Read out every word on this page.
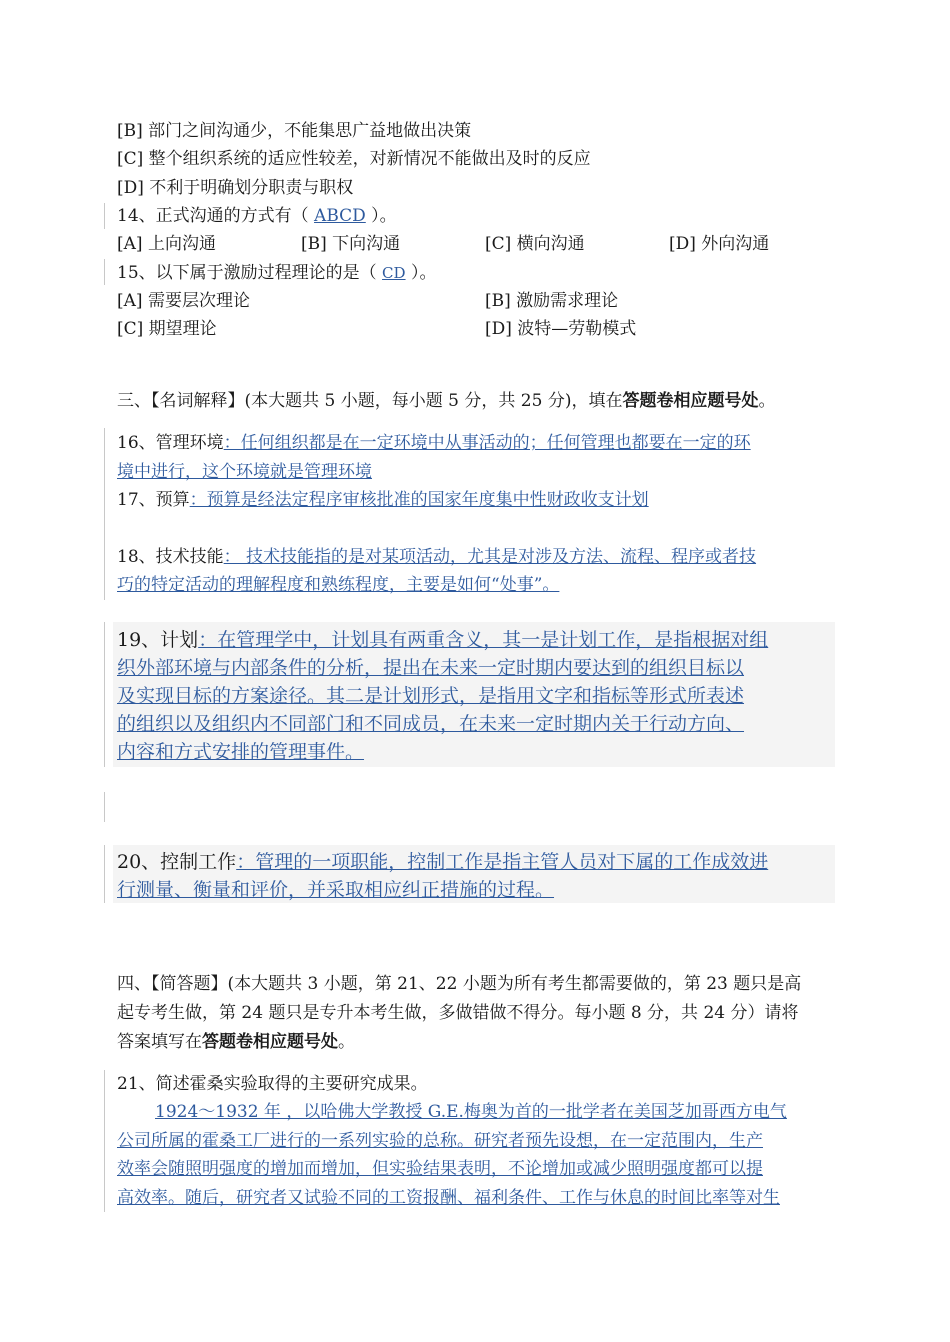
[B] 部门之间沟通少，不能集思广益地做出决策
[C] 整个组织系统的适应性较差，对新情况不能做出及时的反应
[D] 不利于明确划分职责与职权
14、正式沟通的方式有（ ABCD ）。
[A] 上向沟通	[B] 下向沟通	[C] 横向沟通	[D] 外向沟通
15、以下属于激励过程理论的是（ CD ）。
[A] 需要层次理论	[B] 激励需求理论
[C] 期望理论	[D] 波特—劳勒模式
三、【名词解释】(本大题共 5 小题，每小题 5 分，共 25 分)，填在答题卷相应题号处。
16、管理环境：任何组织都是在一定环境中从事活动的；任何管理也都要在一定的环
境中进行，这个环境就是管理环境
17、预算：预算是经法定程序审核批准的国家年度集中性财政收支计划
18、技术技能： 技术技能指的是对某项活动，尤其是对涉及方法、流程、程序或者技
巧的特定活动的理解程度和熟练程度，主要是如何“处事”。
19、计划：在管理学中，计划具有两重含义，其一是计划工作，是指根据对组
织外部环境与内部条件的分析，提出在未来一定时期内要达到的组织目标以
及实现目标的方案途径。其二是计划形式，是指用文字和指标等形式所表述
的组织以及组织内不同部门和不同成员，在未来一定时期内关于行动方向、
内容和方式安排的管理事件。
20、控制工作：管理的一项职能，控制工作是指主管人员对下属的工作成效进
行测量、衡量和评价，并采取相应纠正措施的过程。
四、【简答题】(本大题共 3 小题，第 21、22 小题为所有考生都需要做的，第 23 题只是高
起专考生做，第 24 题只是专升本考生做，多做错做不得分。每小题 8 分，共 24 分）请将
答案填写在答题卷相应题号处。
21、简述霍桑实验取得的主要研究成果。
1924～1932 年 ，以哈佛大学教授 G.E.梅奥为首的一批学者在美国芝加哥西方电气
公司所属的霍桑工厂进行的一系列实验的总称。研究者预先设想，在一定范围内，生产
效率会随照明强度的增加而增加，但实验结果表明，不论增加或减少照明强度都可以提
高效率。随后，研究者又试验不同的工资报酬、福利条件、工作与休息的时间比率等对生
